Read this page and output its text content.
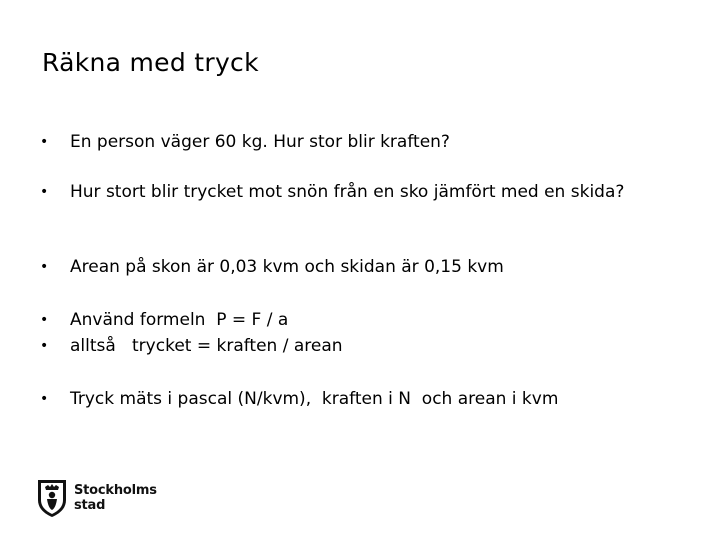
Räkna med tryck
•	En person väger 60 kg. Hur stor blir kraften?
•	Hur stort blir trycket mot snön från en sko jämfört med en skida?
•	Arean på skon är 0,03 kvm och skidan är 0,15 kvm
•	Använd formeln  P = F / a
•	alltså   trycket = kraften / arean
•	Tryck mäts i pascal (N/kvm),  kraften i N  och arean i kvm
Stockholms
stad
